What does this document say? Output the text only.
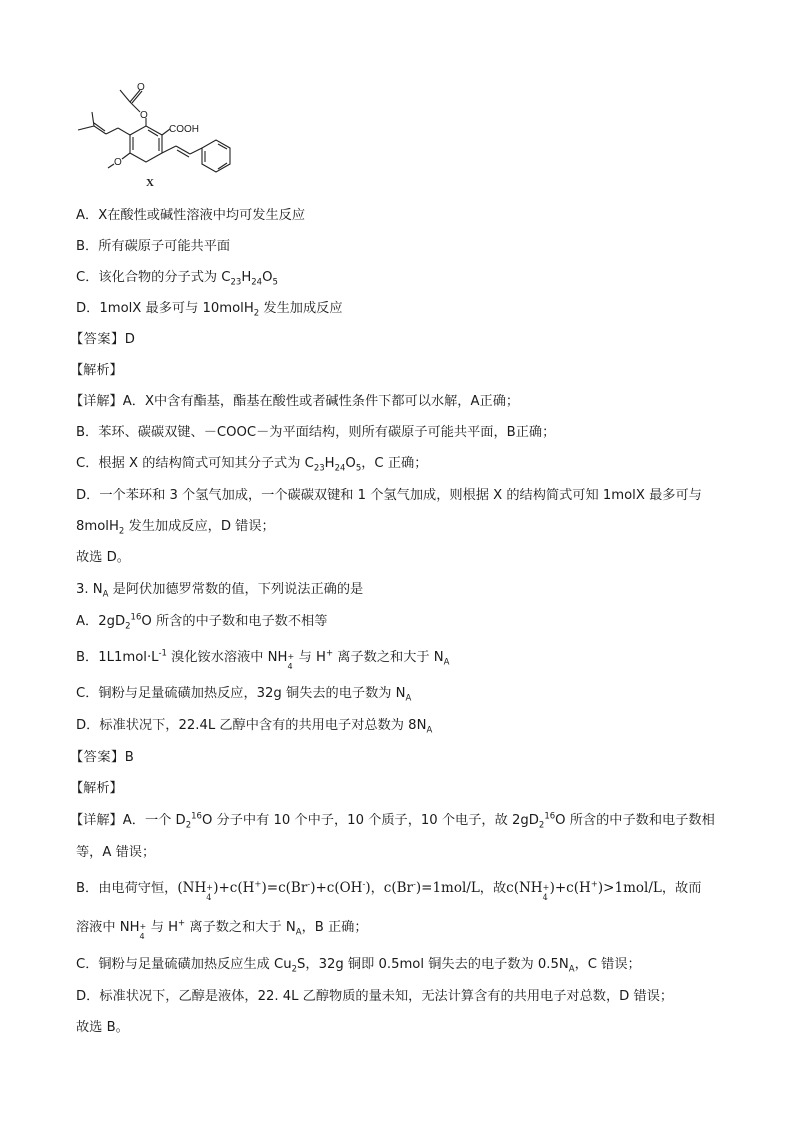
O
O
COOH
O
X
A．X在酸性或碱性溶液中均可发生反应
B．所有碳原子可能共平面
C．该化合物的分子式为 $C_{23}H_{24}O_5$
D．1molX 最多可与 10molH$_2$ 发生加成反应
【答案】D
【解析】
【详解】A．X中含有酯基，酯基在酸性或者碱性条件下都可以水解，A正确；
B．苯环、碳碳双键、－COOC－为平面结构，则所有碳原子可能共平面，B正确；
C．根据 X 的结构简式可知其分子式为 $C_{23}H_{24}O_5$，C 正确；
D．一个苯环和 3 个氢气加成，一个碳碳双键和 1 个氢气加成，则根据 X 的结构简式可知 1molX 最多可与
8molH$_2$ 发生加成反应，D 错误；
故选 D。
3. $N_A$ 是阿伏加德罗常数的值，下列说法正确的是
A．$2gD_2^{16}O$ 所含的中子数和电子数不相等
B．$1L1mol\cdot L^{-1}$ 溴化铵水溶液中 NH +
4
与 H+ 离子数之和大于 $N_A$
C．铜粉与足量硫磺加热反应，32g 铜失去的电子数为 $N_A$
D．标准状况下，22.4L 乙醇中含有的共用电子对总数为 $8N_A$
【答案】B
【解析】
【详解】A．一个 $D_2^{16}O$ 分子中有 10 个中子，10 个质子，10 个电子，故 $2gD_2^{16}O$ 所含的中子数和电子数相
等，A 错误；
B．由电荷守恒，(NH +
4
)+c(H+)=c(Br-)+c(OH-)，c(Br-)=1mol/L，故c(NH +
4
)+c(H+)>1mol/L，故而
溶液中 NH +
4
与 H+ 离子数之和大于 $N_A$，B 正确；
C．铜粉与足量硫磺加热反应生成 $Cu_2S$，32g 铜即 0.5mol 铜失去的电子数为 $0.5N_A$，C 错误；
D．标准状况下，乙醇是液体，22. 4L 乙醇物质的量未知，无法计算含有的共用电子对总数，D 错误；
故选 B。
